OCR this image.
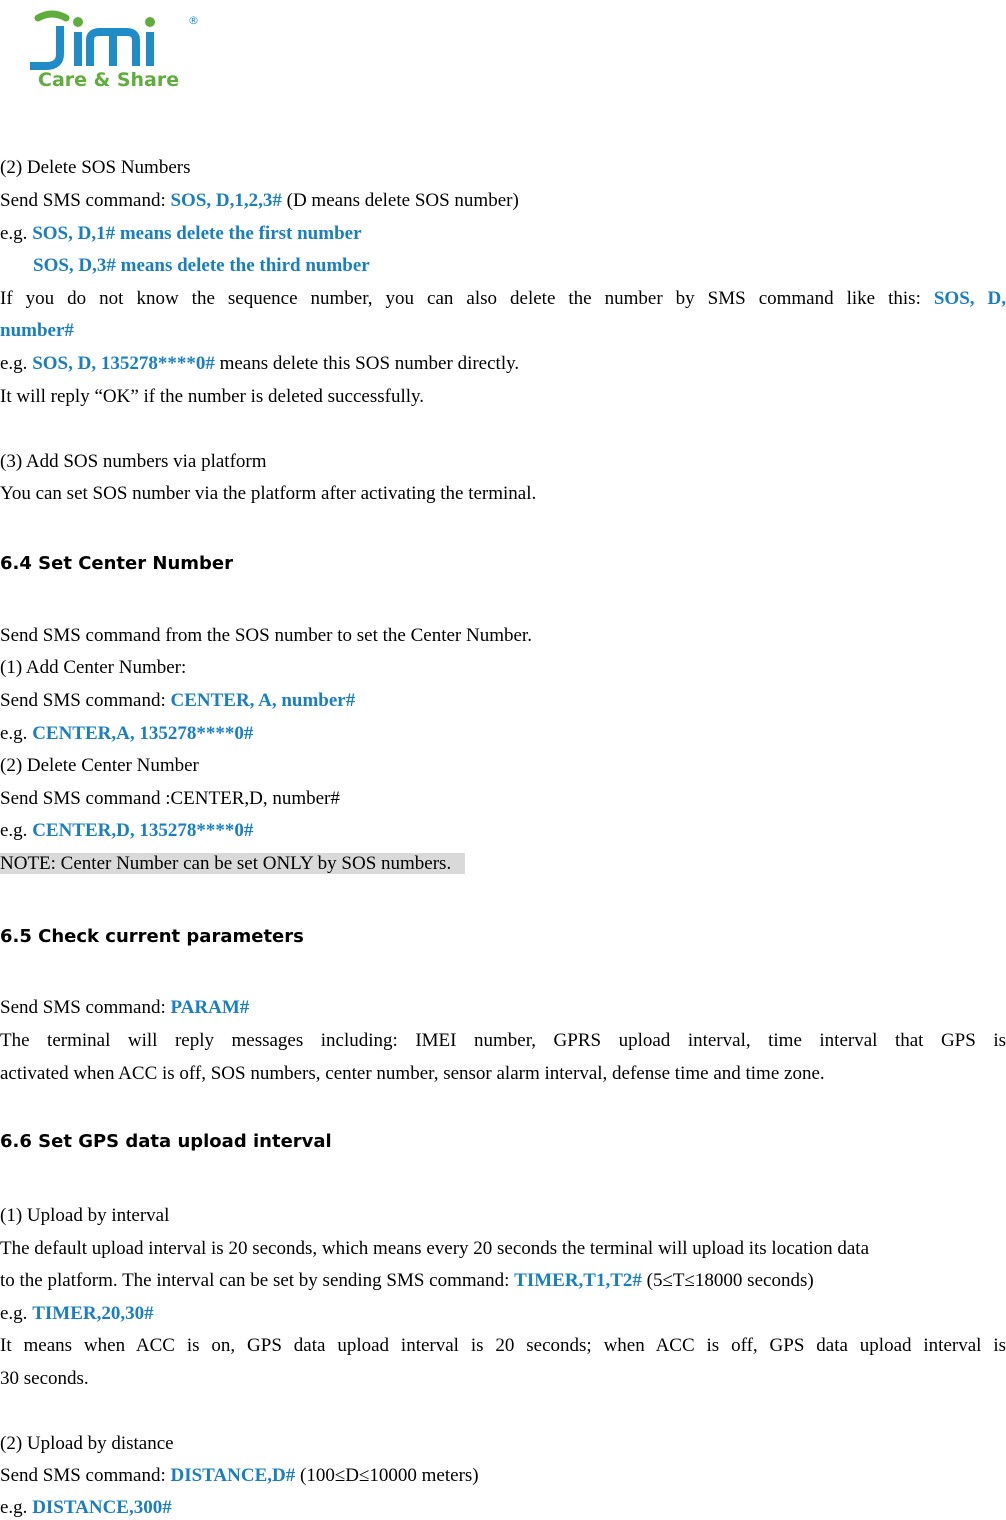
®
Care & Share
(2) Delete SOS Numbers
Send SMS command: SOS, D,1,2,3# (D means delete SOS number)
e.g. SOS, D,1# means delete the first number
SOS, D,3# means delete the third number
If you do not know the sequence number, you can also delete the number by SMS command like this: SOS, D,
number#
e.g. SOS, D, 135278****0# means delete this SOS number directly.
It will reply “OK” if the number is deleted successfully.
(3) Add SOS numbers via platform
You can set SOS number via the platform after activating the terminal.
6.4 Set Center Number
Send SMS command from the SOS number to set the Center Number.
(1) Add Center Number:
Send SMS command: CENTER, A, number#
e.g. CENTER,A, 135278****0#
(2) Delete Center Number
Send SMS command :CENTER,D, number#
e.g. CENTER,D, 135278****0#
NOTE: Center Number can be set ONLY by SOS numbers.
6.5 Check current parameters
Send SMS command: PARAM#
The terminal will reply messages including: IMEI number, GPRS upload interval, time interval that GPS is
activated when ACC is off, SOS numbers, center number, sensor alarm interval, defense time and time zone.
6.6 Set GPS data upload interval
(1) Upload by interval
The default upload interval is 20 seconds, which means every 20 seconds the terminal will upload its location data
to the platform. The interval can be set by sending SMS command: TIMER,T1,T2# (5≤T≤18000 seconds)
e.g. TIMER,20,30#
It means when ACC is on, GPS data upload interval is 20 seconds; when ACC is off, GPS data upload interval is
30 seconds.
(2) Upload by distance
Send SMS command: DISTANCE,D# (100≤D≤10000 meters)
e.g. DISTANCE,300#
